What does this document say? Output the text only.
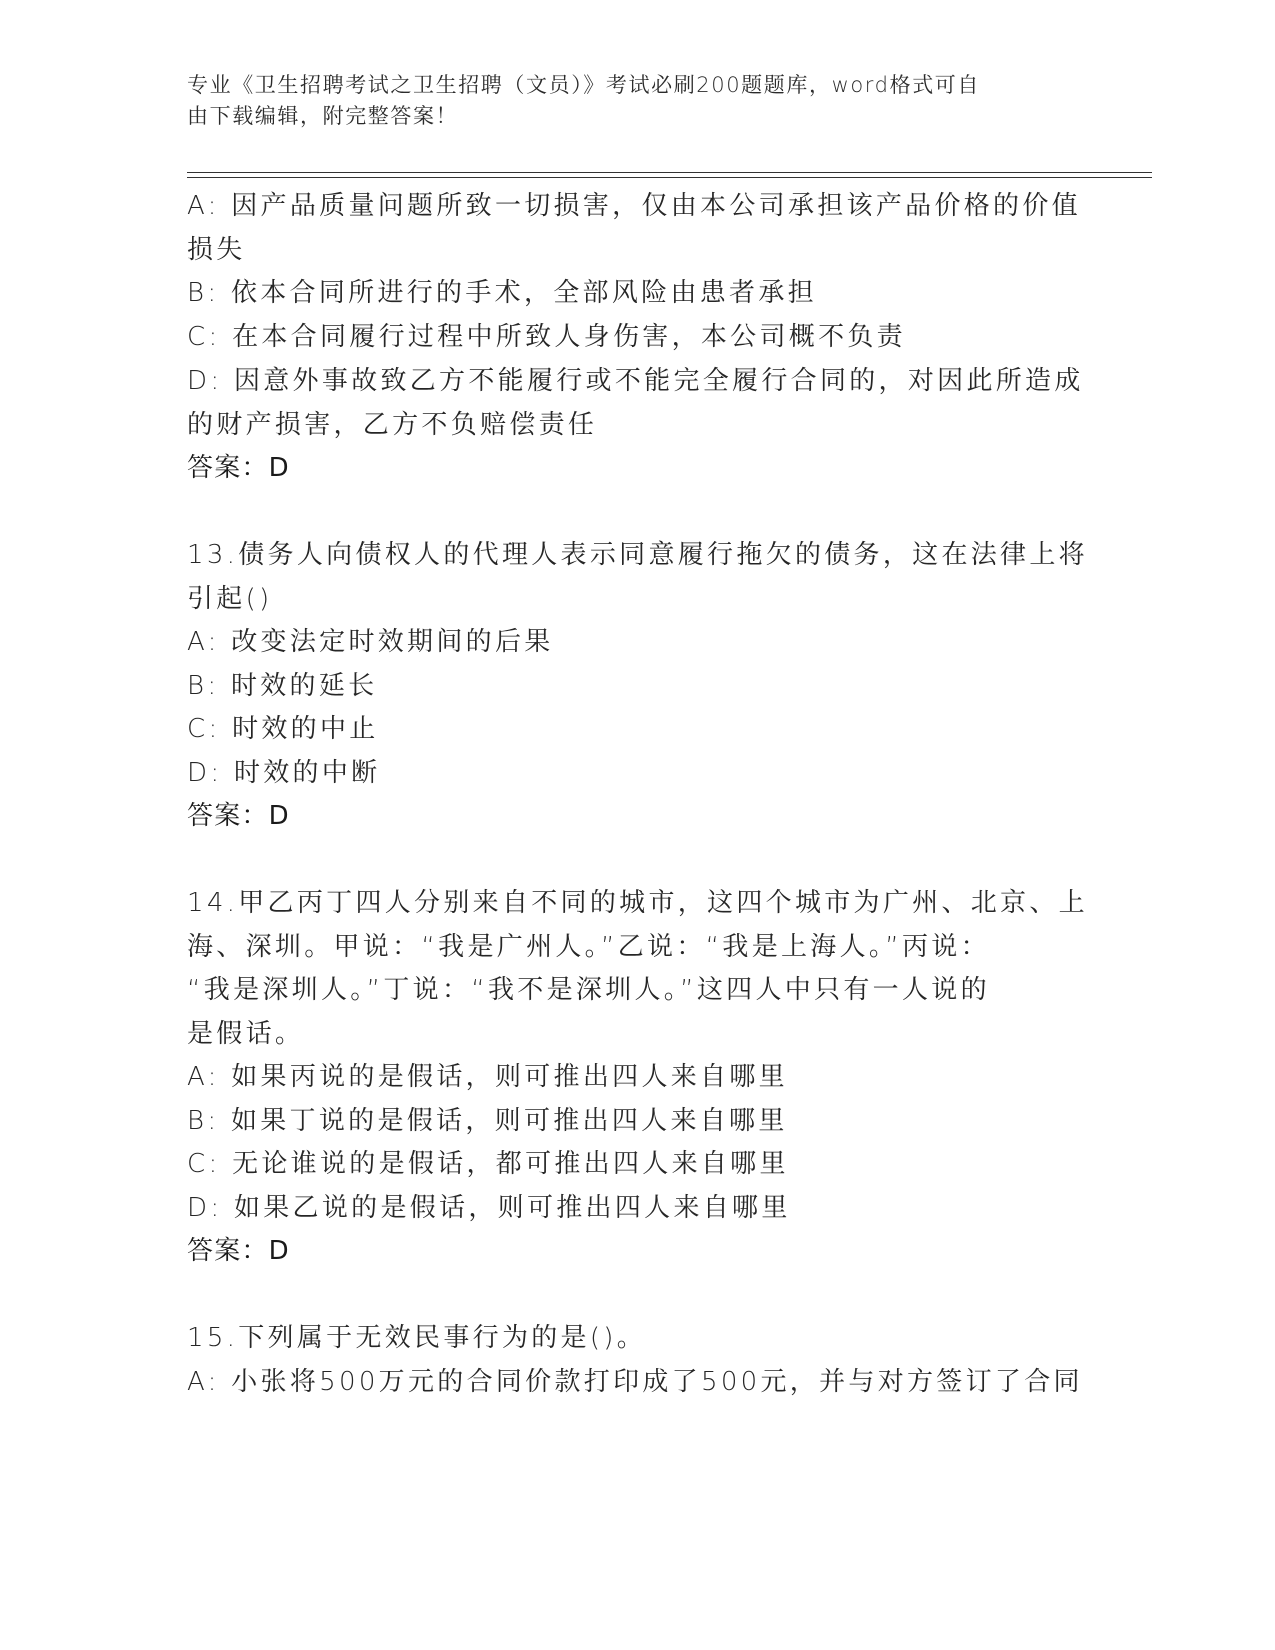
专业《卫生招聘考试之卫生招聘（文员）》考试必刷200题题库，word格式可自
由下载编辑，附完整答案！
A: 因产品质量问题所致一切损害，仅由本公司承担该产品价格的价值
损失
B: 依本合同所进行的手术，全部风险由患者承担
C: 在本合同履行过程中所致人身伤害，本公司概不负责
D: 因意外事故致乙方不能履行或不能完全履行合同的，对因此所造成
的财产损害，乙方不负赔偿责任
答案：D
13.债务人向债权人的代理人表示同意履行拖欠的债务，这在法律上将
引起()
A: 改变法定时效期间的后果
B: 时效的延长
C: 时效的中止
D: 时效的中断
答案：D
14.甲乙丙丁四人分别来自不同的城市，这四个城市为广州、北京、上
海、深圳。甲说：“我是广州人。”乙说：“我是上海人。”丙说：
“我是深圳人。”丁说：“我不是深圳人。”这四人中只有一人说的
是假话。
A: 如果丙说的是假话，则可推出四人来自哪里
B: 如果丁说的是假话，则可推出四人来自哪里
C: 无论谁说的是假话，都可推出四人来自哪里
D: 如果乙说的是假话，则可推出四人来自哪里
答案：D
15.下列属于无效民事行为的是()。
A: 小张将500万元的合同价款打印成了500元，并与对方签订了合同
